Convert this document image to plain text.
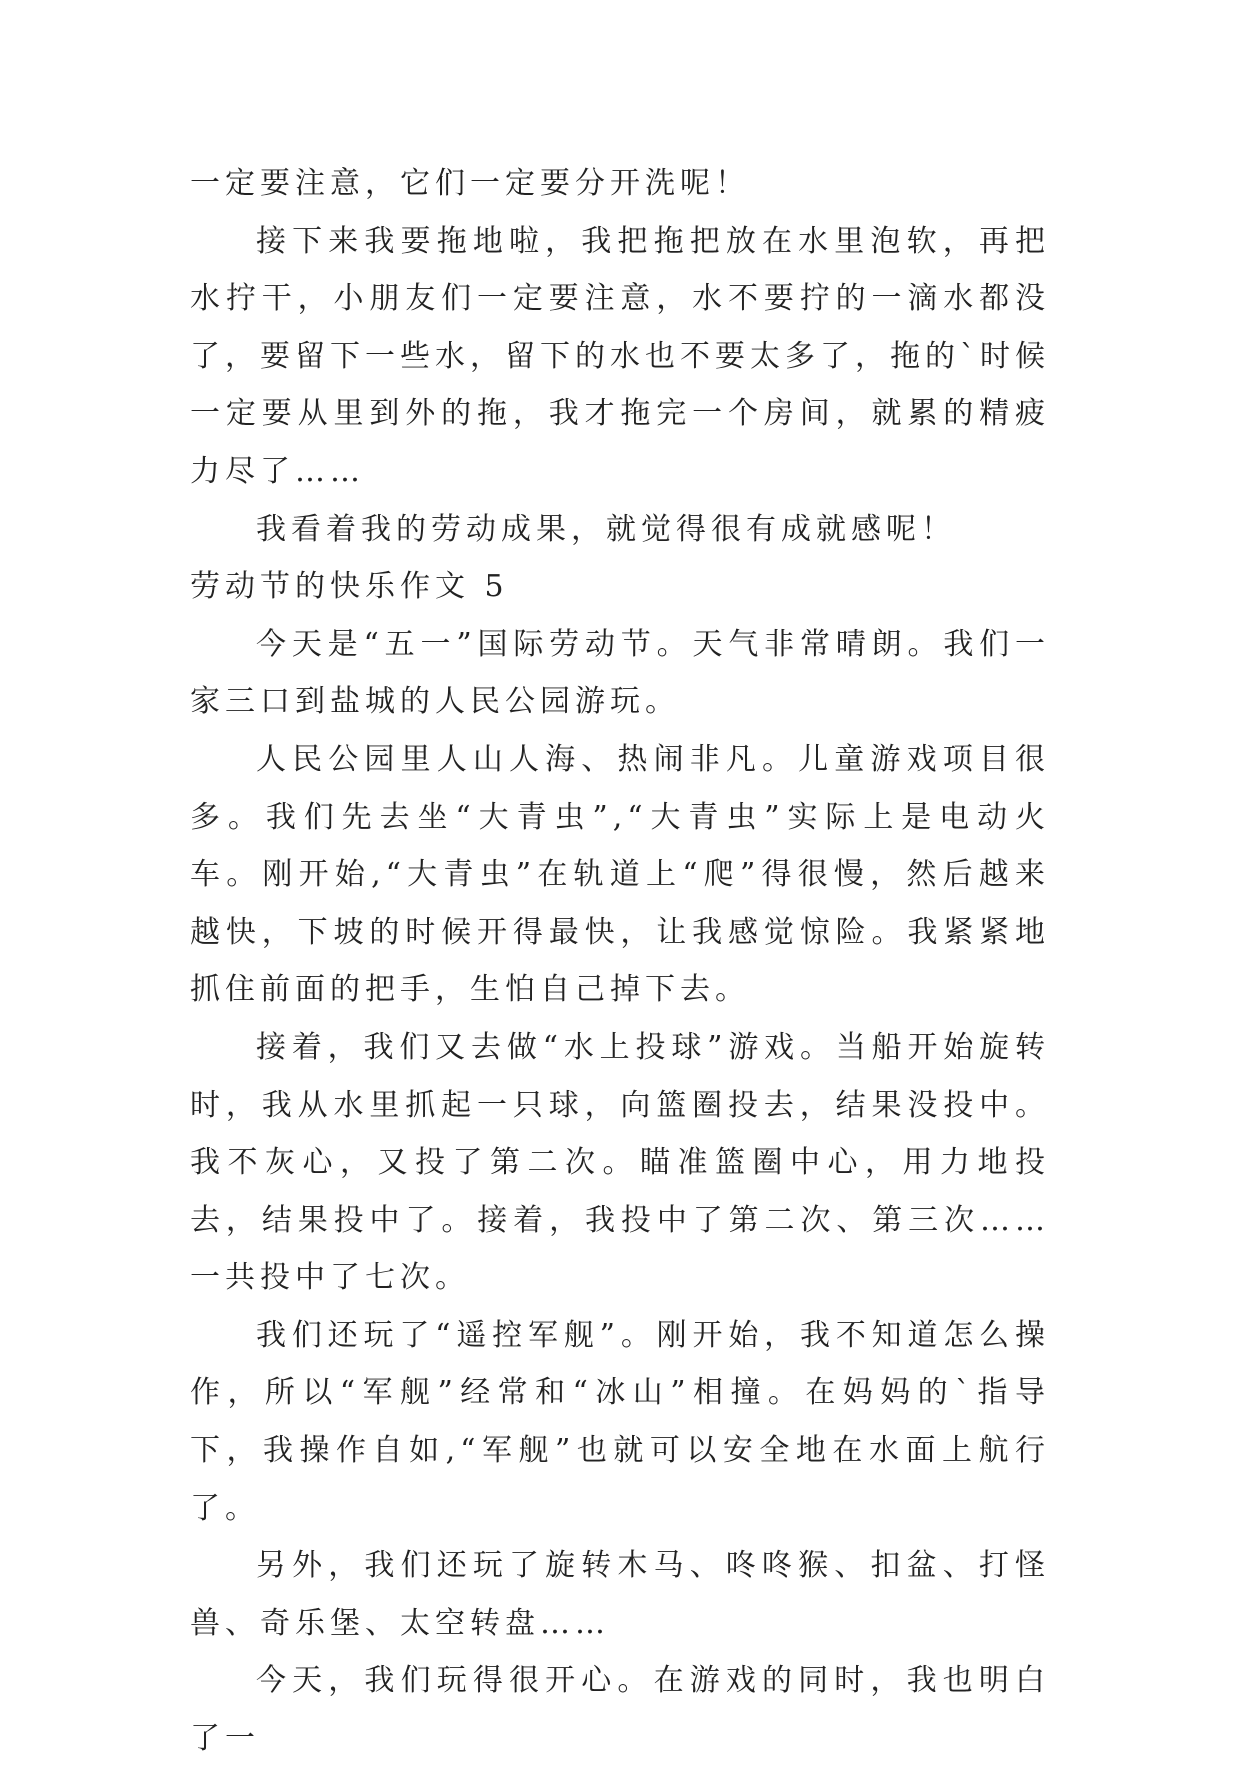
一定要注意，它们一定要分开洗呢！

接下来我要拖地啦，我把拖把放在水里泡软，再把水拧干，小朋友们一定要注意，水不要拧的一滴水都没了，要留下一些水，留下的水也不要太多了，拖的`时候一定要从里到外的拖，我才拖完一个房间，就累的精疲力尽了……

我看着我的劳动成果，就觉得很有成就感呢！

劳动节的快乐作文 5

今天是“五一”国际劳动节。天气非常晴朗。我们一家三口到盐城的人民公园游玩。

人民公园里人山人海、热闹非凡。儿童游戏项目很多。我们先去坐“大青虫”,“大青虫”实际上是电动火车。刚开始,“大青虫”在轨道上“爬”得很慢，然后越来越快，下坡的时候开得最快，让我感觉惊险。我紧紧地抓住前面的把手，生怕自己掉下去。

接着，我们又去做“水上投球”游戏。当船开始旋转时，我从水里抓起一只球，向篮圈投去，结果没投中。我不灰心，又投了第二次。瞄准篮圈中心，用力地投去，结果投中了。接着，我投中了第二次、第三次……一共投中了七次。

我们还玩了“遥控军舰”。刚开始，我不知道怎么操作，所以“军舰”经常和“冰山”相撞。在妈妈的`指导下，我操作自如,“军舰”也就可以安全地在水面上航行了。

另外，我们还玩了旋转木马、咚咚猴、扣盆、打怪兽、奇乐堡、太空转盘……

今天，我们玩得很开心。在游戏的同时，我也明白了一
